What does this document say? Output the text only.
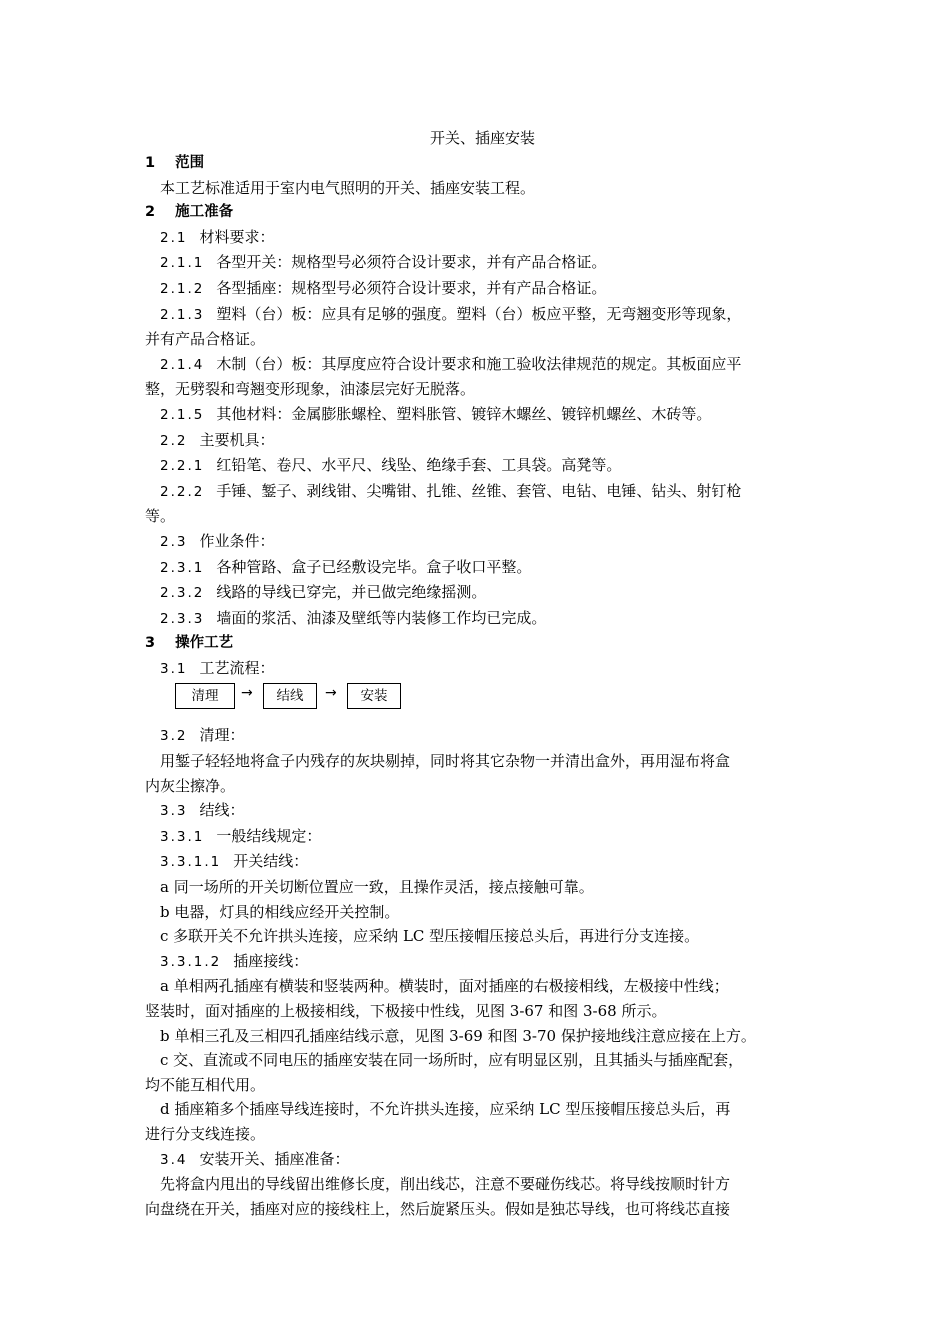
开关、插座安装
1 范围
本工艺标准适用于室内电气照明的开关、插座安装工程。
2 施工准备
2.1 材料要求：
2.1.1 各型开关：规格型号必须符合设计要求，并有产品合格证。
2.1.2 各型插座：规格型号必须符合设计要求，并有产品合格证。
2.1.3 塑料（台）板：应具有足够的强度。塑料（台）板应平整，无弯翘变形等现象，
并有产品合格证。
2.1.4 木制（台）板：其厚度应符合设计要求和施工验收法律规范的规定。其板面应平
整，无劈裂和弯翘变形现象，油漆层完好无脱落。
2.1.5 其他材料：金属膨胀螺栓、塑料胀管、镀锌木螺丝、镀锌机螺丝、木砖等。
2.2 主要机具：
2.2.1 红铅笔、卷尺、水平尺、线坠、绝缘手套、工具袋。高凳等。
2.2.2 手锤、錾子、剥线钳、尖嘴钳、扎锥、丝锥、套管、电钻、电锤、钻头、射钉枪
等。
2.3 作业条件：
2.3.1 各种管路、盒子已经敷设完毕。盒子收口平整。
2.3.2 线路的导线已穿完，并已做完绝缘摇测。
2.3.3 墙面的浆活、油漆及壁纸等内装修工作均已完成。
3 操作工艺
3.1 工艺流程：
清理	→	结线	→	安装
3.2 清理：
用錾子轻轻地将盒子内残存的灰块剔掉，同时将其它杂物一并清出盒外，再用湿布将盒
内灰尘擦净。
3.3 结线：
3.3.1 一般结线规定：
3.3.1.1 开关结线：
a 同一场所的开关切断位置应一致，且操作灵活，接点接触可靠。
b 电器，灯具的相线应经开关控制。
c 多联开关不允许拱头连接，应采纳 LC 型压接帽压接总头后，再进行分支连接。
3.3.1.2 插座接线：
a 单相两孔插座有横装和竖装两种。横装时，面对插座的右极接相线，左极接中性线；
竖装时，面对插座的上极接相线，下极接中性线，见图 3-67 和图 3-68 所示。
b 单相三孔及三相四孔插座结线示意，见图 3-69 和图 3-70 保护接地线注意应接在上方。
c 交、直流或不同电压的插座安装在同一场所时，应有明显区别，且其插头与插座配套，
均不能互相代用。
d 插座箱多个插座导线连接时，不允许拱头连接，应采纳 LC 型压接帽压接总头后，再
进行分支线连接。
3.4 安装开关、插座准备：
先将盒内甩出的导线留出维修长度，削出线芯，注意不要碰伤线芯。将导线按顺时针方
向盘绕在开关，插座对应的接线柱上，然后旋紧压头。假如是独芯导线，也可将线芯直接
